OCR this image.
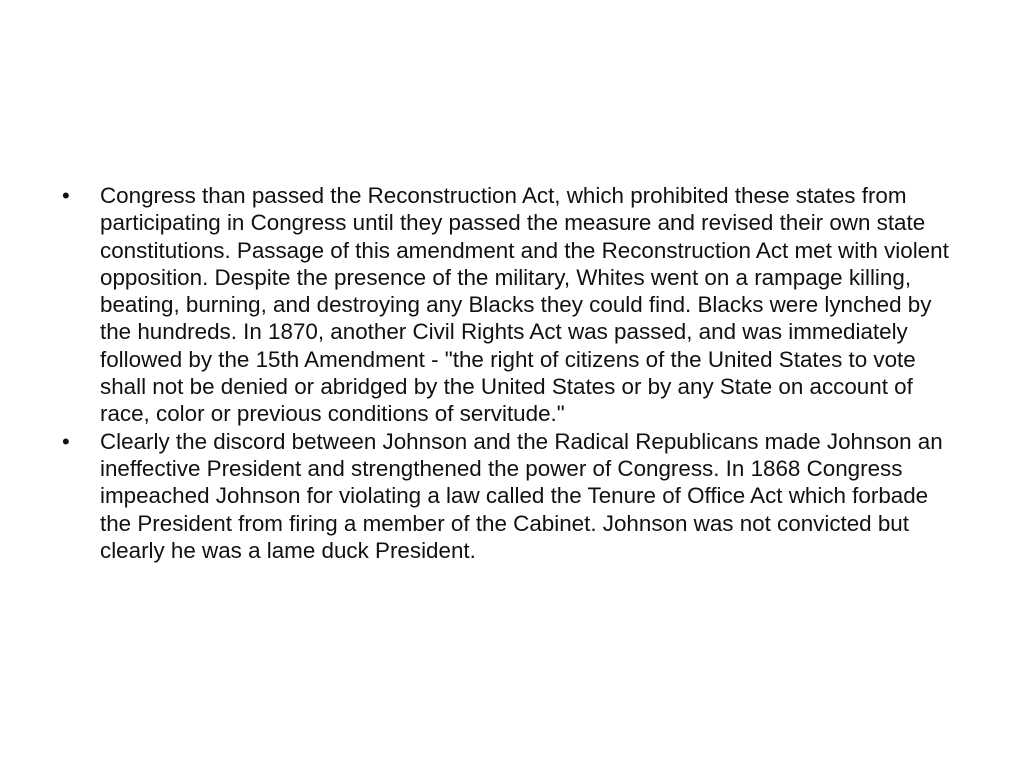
• Congress than passed the Reconstruction Act, which prohibited these states from participating in Congress until they passed the measure and revised their own state constitutions. Passage of this amendment and the Reconstruction Act met with violent opposition. Despite the presence of the military, Whites went on a rampage killing, beating, burning, and destroying any Blacks they could find. Blacks were lynched by the hundreds. In 1870, another Civil Rights Act was passed, and was immediately followed by the 15th Amendment - "the right of citizens of the United States to vote shall not be denied or abridged by the United States or by any State on account of race, color or previous conditions of servitude."
• Clearly the discord between Johnson and the Radical Republicans made Johnson an ineffective President and strengthened the power of Congress. In 1868 Congress impeached Johnson for violating a law called the Tenure of Office Act which forbade the President from firing a member of the Cabinet. Johnson was not convicted but clearly he was a lame duck President.
